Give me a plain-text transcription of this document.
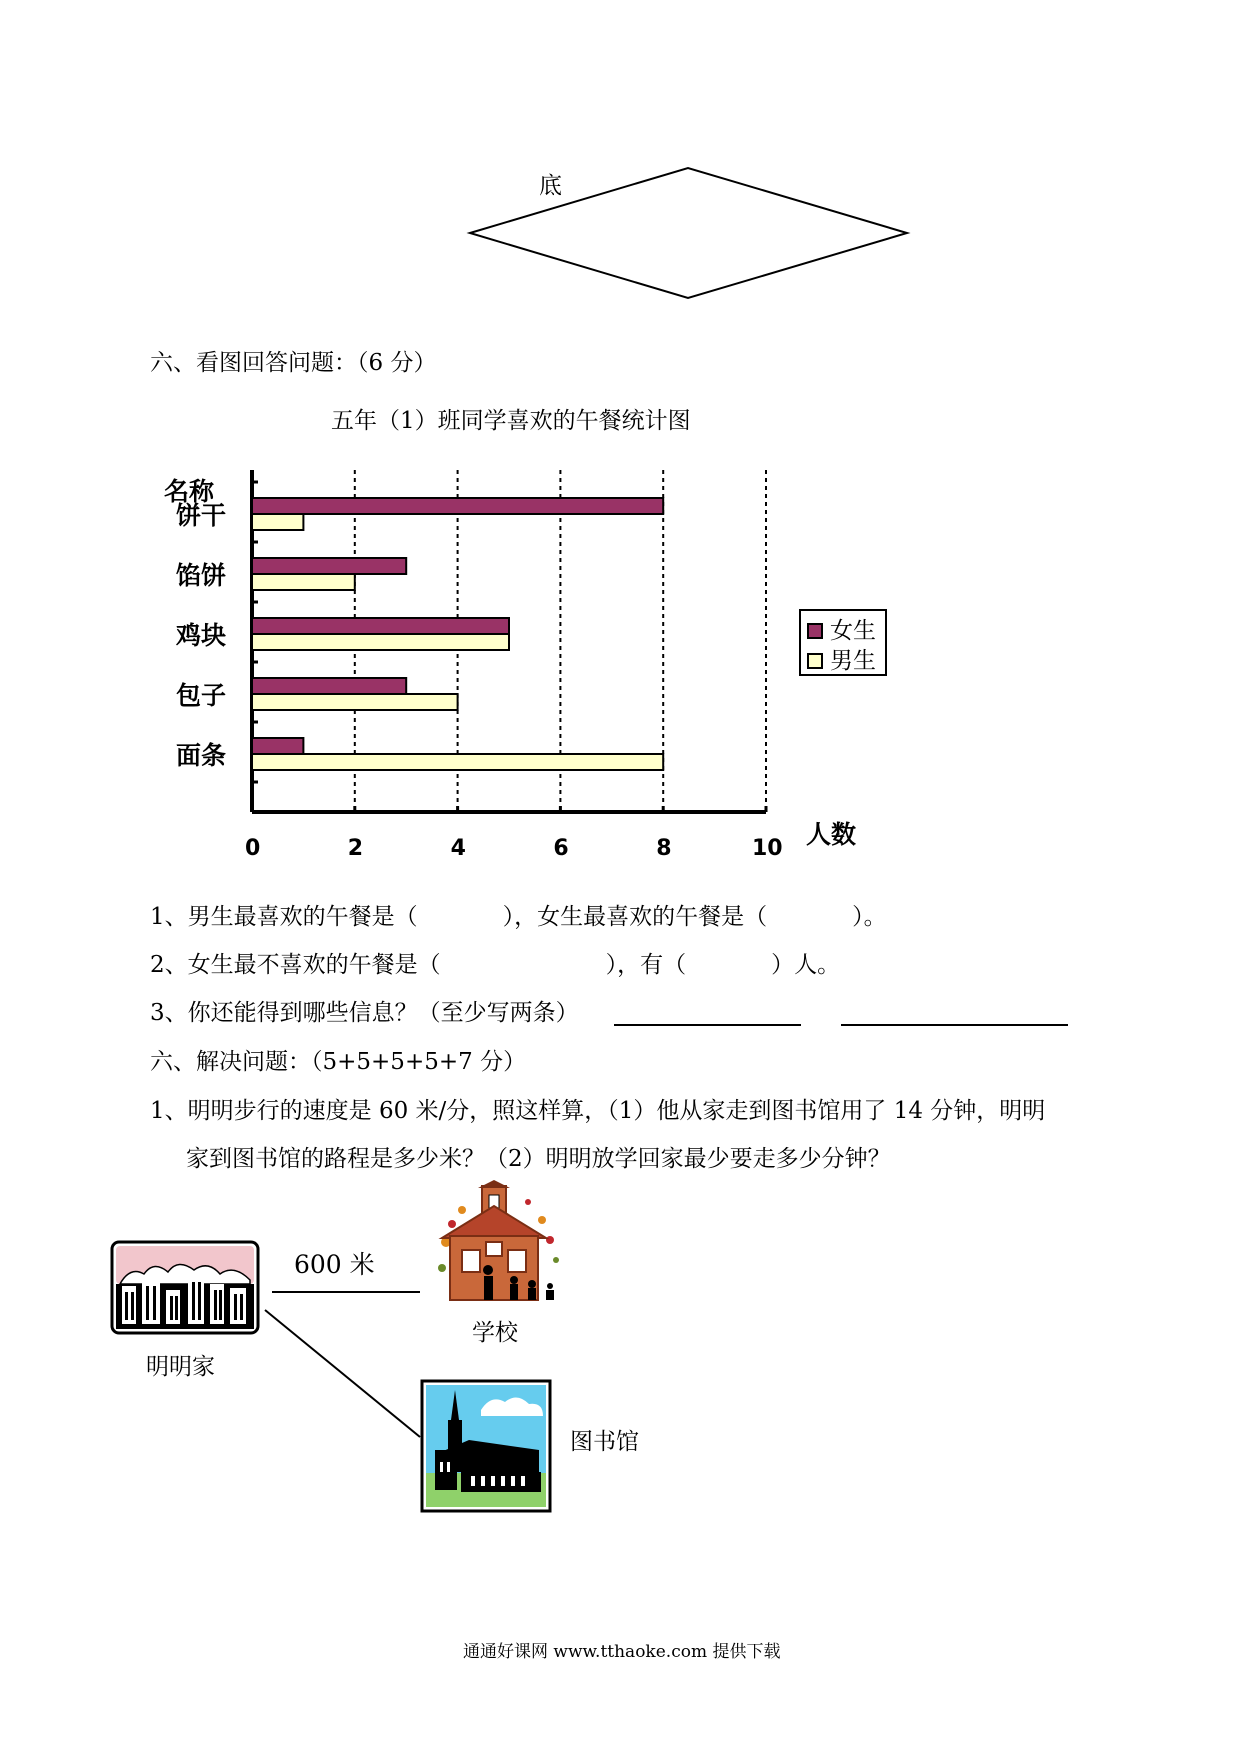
底
六、看图回答问题：（6 分）
五年（1）班同学喜欢的午餐统计图
名称
人数
饼干
馅饼
鸡块
包子
面条
0	2	4	6	8	10
女生
男生
1、男生最喜欢的午餐是（	），女生最喜欢的午餐是（	）。
2、女生最不喜欢的午餐是（	），有（	）人。
3、你还能得到哪些信息？（至少写两条）
六、解决问题：（5+5+5+5+7 分）
1、明明步行的速度是 60 米/分，照这样算，（1）他从家走到图书馆用了 14 分钟，明明
家到图书馆的路程是多少米？（2）明明放学回家最少要走多少分钟？
明明家
600 米
学校
图书馆
通通好课网 www.tthaoke.com 提供下载
